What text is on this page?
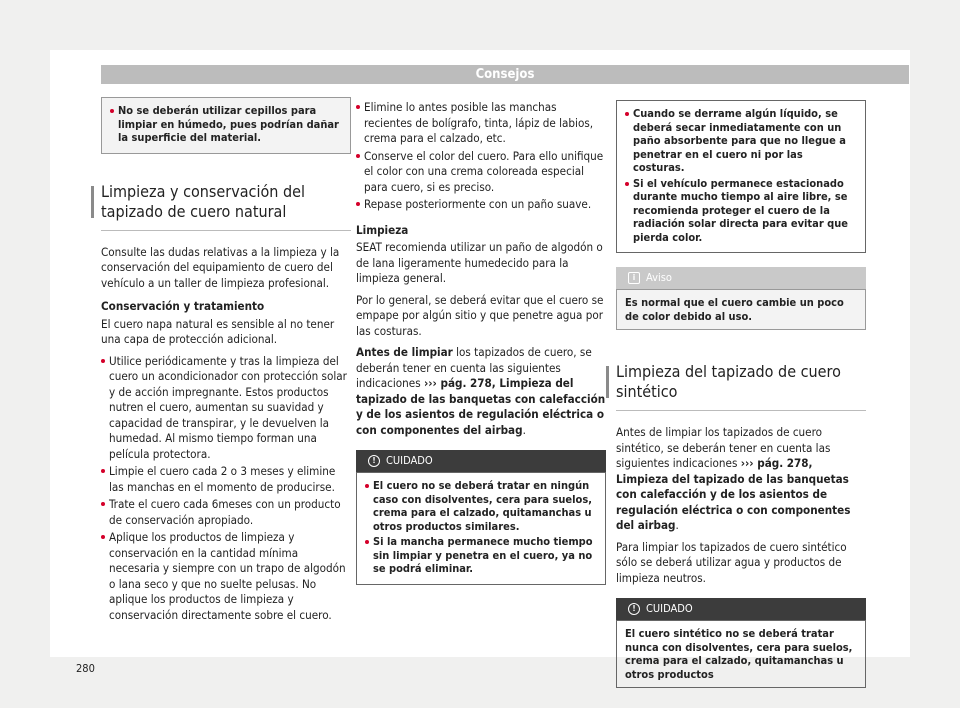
Consejos
No se deberán utilizar cepillos para limpiar en húmedo, pues podrían dañar la superficie del material.
Limpieza y conservación del tapizado de cuero natural

Consulte las dudas relativas a la limpieza y la conservación del equipamiento de cuero del vehículo a un taller de limpieza profesional.

Conservación y tratamiento

El cuero napa natural es sensible al no tener una capa de protección adicional.

Utilice periódicamente y tras la limpieza del cuero un acondicionador con protección solar y de acción impregnante. Estos productos nutren el cuero, aumentan su suavidad y capacidad de transpirar, y le devuelven la humedad. Al mismo tiempo forman una película protectora.
Limpie el cuero cada 2 o 3 meses y elimine las manchas en el momento de producirse.
Trate el cuero cada 6meses con un producto de conservación apropiado.
Aplique los productos de limpieza y conservación en la cantidad mínima necesaria y siempre con un trapo de algodón o lana seco y que no suelte pelusas. No aplique los productos de limpieza y conservación directamente sobre el cuero.
Elimine lo antes posible las manchas recientes de bolígrafo, tinta, lápiz de labios, crema para el calzado, etc.
Conserve el color del cuero. Para ello unifique el color con una crema coloreada especial para cuero, si es preciso.
Repase posteriormente con un paño suave.

Limpieza

SEAT recomienda utilizar un paño de algodón o de lana ligeramente humedecido para la limpieza general.

Por lo general, se deberá evitar que el cuero se empape por algún sitio y que penetre agua por las costuras.

Antes de limpiar los tapizados de cuero, se deberán tener en cuenta las siguientes indicaciones ››› pág. 278, Limpieza del tapizado de las banquetas con calefacción y de los asientos de regulación eléctrica o con componentes del airbag.

! CUIDADO
El cuero no se deberá tratar en ningún caso con disolventes, cera para suelos, crema para el calzado, quitamanchas u otros productos similares.
Si la mancha permanece mucho tiempo sin limpiar y penetra en el cuero, ya no se podrá eliminar.
Cuando se derrame algún líquido, se deberá secar inmediatamente con un paño absorbente para que no llegue a penetrar en el cuero ni por las costuras.
Si el vehículo permanece estacionado durante mucho tiempo al aire libre, se recomienda proteger el cuero de la radiación solar directa para evitar que pierda color.
i Aviso
Es normal que el cuero cambie un poco de color debido al uso.
Limpieza del tapizado de cuero sintético

Antes de limpiar los tapizados de cuero sintético, se deberán tener en cuenta las siguientes indicaciones ››› pág. 278, Limpieza del tapizado de las banquetas con calefacción y de los asientos de regulación eléctrica o con componentes del airbag.

Para limpiar los tapizados de cuero sintético sólo se deberá utilizar agua y productos de limpieza neutros.

! CUIDADO
El cuero sintético no se deberá tratar nunca con disolventes, cera para suelos, crema para el calzado, quitamanchas u otros productos
280
